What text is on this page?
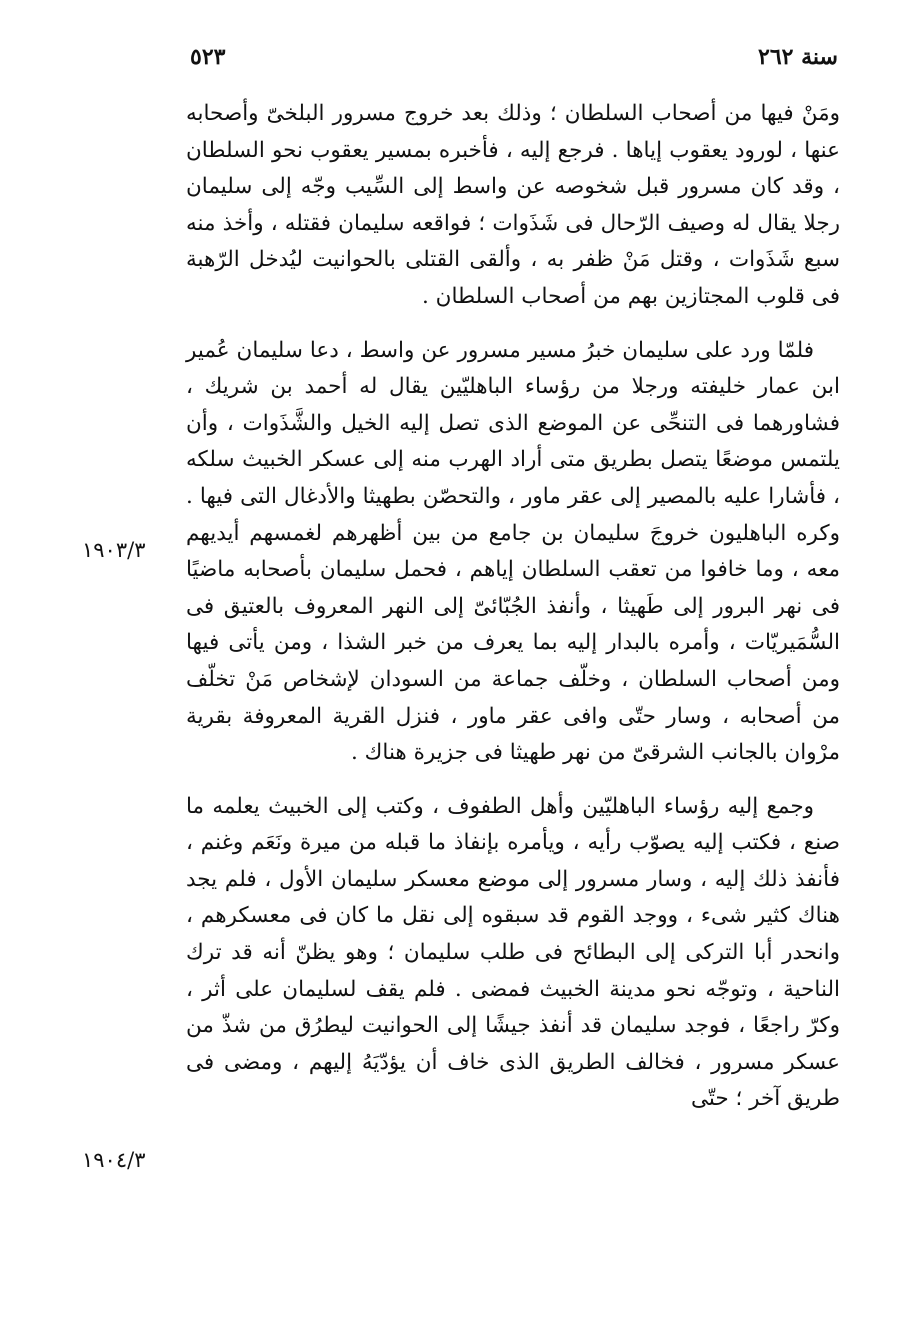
٥٢٣	سنة ٢٦٢

ومَنْ فيها من أصحاب السلطان ؛ وذلك بعد خروج مسرور البلخىّ وأصحابه عنها ، لورود يعقوب إياها . فرجع إليه ، فأخبره بمسير يعقوب نحو السلطان ، وقد كان مسرور قبل شخوصه عن واسط إلى السِّيب وجّه إلى سليمان رجلا يقال له وصيف الرّحال فى شَذَوات ؛ فواقعه سليمان فقتله ، وأخذ منه سبع شَذَوات ، وقتل مَنْ ظفر به ، وألقى القتلى بالحوانيت ليُدخل الرّهبة فى قلوب المجتازين بهم من أصحاب السلطان .

فلمّا ورد على سليمان خبرُ مسير مسرور عن واسط ، دعا سليمان عُمير ابن عمار خليفته ورجلا من رؤساء الباهليّين يقال له أحمد بن شريك ، فشاورهما فى التنحِّى عن الموضع الذى تصل إليه الخيل والشَّذَوات ، وأن يلتمس موضعًا يتصل بطريق متى أراد الهرب منه إلى عسكر الخبيث سلكه ، فأشارا عليه بالمصير إلى عقر ماور ، والتحصّن بطهيثا والأدغال التى فيها . وكره الباهليون خروجَ سليمان بن جامع من بين أظهرهم لغمسهم أيديهم معه ، وما خافوا من تعقب السلطان إياهم ، فحمل سليمان بأصحابه ماضيًا فى نهر البرور إلى طَهيثا ، وأنفذ الجُبّائىّ إلى النهر المعروف بالعتيق فى السُّمَيريّات ، وأمره بالبدار إليه بما يعرف من خبر الشذا ، ومن يأتى فيها ومن أصحاب السلطان ، وخلّف جماعة من السودان لإشخاص مَنْ تخلّف من أصحابه ، وسار حتّى وافى عقر ماور ، فنزل القرية المعروفة بقرية مرْوان بالجانب الشرقىّ من نهر طهيثا فى جزيرة هناك .

وجمع إليه رؤساء الباهليّين وأهل الطفوف ، وكتب إلى الخبيث يعلمه ما صنع ، فكتب إليه يصوّب رأيه ، ويأمره بإنفاذ ما قبله من ميرة ونَعَم وغنم ، فأنفذ ذلك إليه ، وسار مسرور إلى موضع معسكر سليمان الأول ، فلم يجد هناك كثير شىء ، ووجد القوم قد سبقوه إلى نقل ما كان فى معسكرهم ، وانحدر أبا التركى إلى البطائح فى طلب سليمان ؛ وهو يظنّ أنه قد ترك الناحية ، وتوجّه نحو مدينة الخبيث فمضى . فلم يقف لسليمان على أثر ، وكرّ راجعًا ، فوجد سليمان قد أنفذ جيشًا إلى الحوانيت ليطرُق من شذّ من عسكر مسرور ، فخالف الطريق الذى خاف أن يؤدّيَهُ إليهم ، ومضى فى طريق آخر ؛ حتّى

١٩٠٣/٣
١٩٠٤/٣
